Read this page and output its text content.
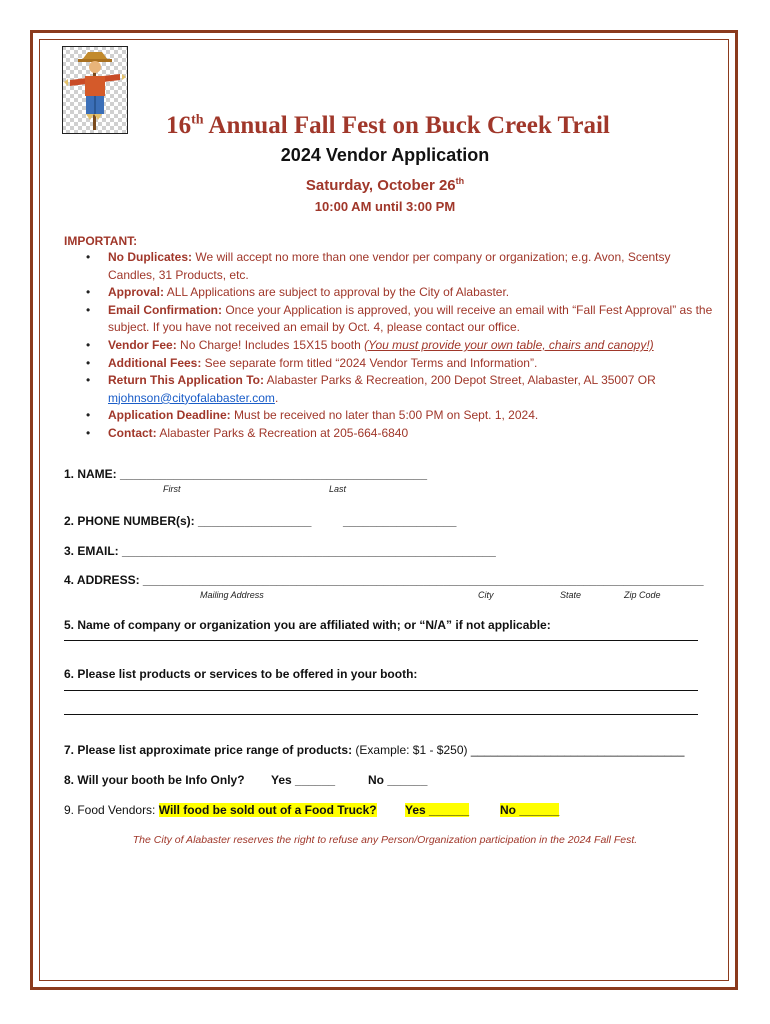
16th Annual Fall Fest on Buck Creek Trail
2024 Vendor Application
Saturday, October 26th
10:00 AM until 3:00 PM
IMPORTANT:
• No Duplicates: We will accept no more than one vendor per company or organization; e.g. Avon, Scentsy Candles, 31 Products, etc.
• Approval: ALL Applications are subject to approval by the City of Alabaster.
• Email Confirmation: Once your Application is approved, you will receive an email with “Fall Fest Approval” as the subject. If you have not received an email by Oct. 4, please contact our office.
• Vendor Fee: No Charge! Includes 15X15 booth (You must provide your own table, chairs and canopy!)
• Additional Fees: See separate form titled “2024 Vendor Terms and Information”.
• Return This Application To: Alabaster Parks & Recreation, 200 Depot Street, Alabaster, AL 35007 OR mjohnson@cityofalabaster.com.
• Application Deadline: Must be received no later than 5:00 PM on Sept. 1, 2024.
• Contact: Alabaster Parks & Recreation at 205-664-6840
1. NAME: ______________________________________________
First	Last
2. PHONE NUMBER(s): _________________	_________________
3. EMAIL: ________________________________________________________
4. ADDRESS: ____________________________________________________________________________________
Mailing Address	City	State	Zip Code
5. Name of company or organization you are affiliated with; or “N/A” if not applicable:
6. Please list products or services to be offered in your booth:
7. Please list approximate price range of products: (Example: $1 - $250) ________________________________
8. Will your booth be Info Only? Yes ______	No ______
9. Food Vendors: Will food be sold out of a Food Truck? Yes ______	No ______
The City of Alabaster reserves the right to refuse any Person/Organization participation in the 2024 Fall Fest.
